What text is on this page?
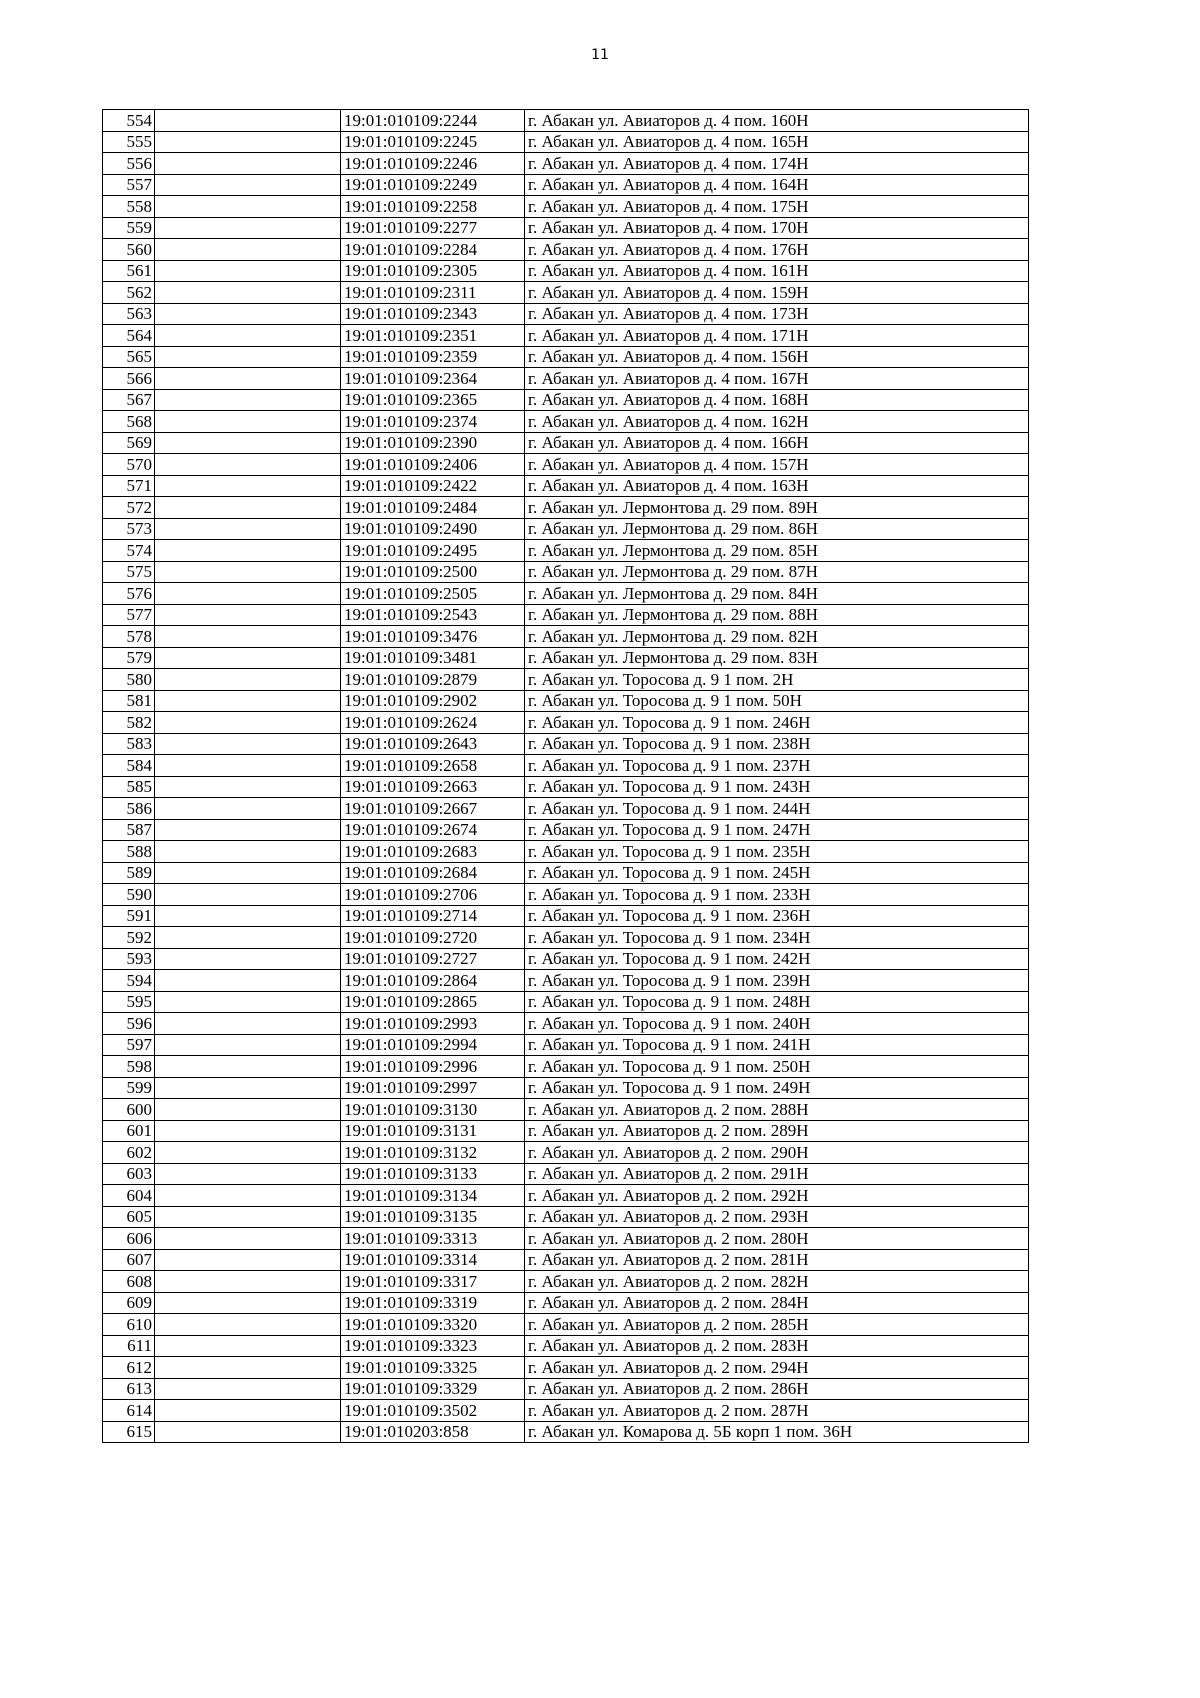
11
554		19:01:010109:2244	г. Абакан ул. Авиаторов д. 4 пом. 160Н
555		19:01:010109:2245	г. Абакан ул. Авиаторов д. 4 пом. 165Н
556		19:01:010109:2246	г. Абакан ул. Авиаторов д. 4 пом. 174Н
557		19:01:010109:2249	г. Абакан ул. Авиаторов д. 4 пом. 164Н
558		19:01:010109:2258	г. Абакан ул. Авиаторов д. 4 пом. 175Н
559		19:01:010109:2277	г. Абакан ул. Авиаторов д. 4 пом. 170Н
560		19:01:010109:2284	г. Абакан ул. Авиаторов д. 4 пом. 176Н
561		19:01:010109:2305	г. Абакан ул. Авиаторов д. 4 пом. 161Н
562		19:01:010109:2311	г. Абакан ул. Авиаторов д. 4 пом. 159Н
563		19:01:010109:2343	г. Абакан ул. Авиаторов д. 4 пом. 173Н
564		19:01:010109:2351	г. Абакан ул. Авиаторов д. 4 пом. 171Н
565		19:01:010109:2359	г. Абакан ул. Авиаторов д. 4 пом. 156Н
566		19:01:010109:2364	г. Абакан ул. Авиаторов д. 4 пом. 167Н
567		19:01:010109:2365	г. Абакан ул. Авиаторов д. 4 пом. 168Н
568		19:01:010109:2374	г. Абакан ул. Авиаторов д. 4 пом. 162Н
569		19:01:010109:2390	г. Абакан ул. Авиаторов д. 4 пом. 166Н
570		19:01:010109:2406	г. Абакан ул. Авиаторов д. 4 пом. 157Н
571		19:01:010109:2422	г. Абакан ул. Авиаторов д. 4 пом. 163Н
572		19:01:010109:2484	г. Абакан ул. Лермонтова д. 29 пом. 89Н
573		19:01:010109:2490	г. Абакан ул. Лермонтова д. 29 пом. 86Н
574		19:01:010109:2495	г. Абакан ул. Лермонтова д. 29 пом. 85Н
575		19:01:010109:2500	г. Абакан ул. Лермонтова д. 29 пом. 87Н
576		19:01:010109:2505	г. Абакан ул. Лермонтова д. 29 пом. 84Н
577		19:01:010109:2543	г. Абакан ул. Лермонтова д. 29 пом. 88Н
578		19:01:010109:3476	г. Абакан ул. Лермонтова д. 29 пом. 82Н
579		19:01:010109:3481	г. Абакан ул. Лермонтова д. 29 пом. 83Н
580		19:01:010109:2879	г. Абакан ул. Торосова д. 9 1 пом. 2Н
581		19:01:010109:2902	г. Абакан ул. Торосова д. 9 1 пом. 50Н
582		19:01:010109:2624	г. Абакан ул. Торосова д. 9 1 пом. 246Н
583		19:01:010109:2643	г. Абакан ул. Торосова д. 9 1 пом. 238Н
584		19:01:010109:2658	г. Абакан ул. Торосова д. 9 1 пом. 237Н
585		19:01:010109:2663	г. Абакан ул. Торосова д. 9 1 пом. 243Н
586		19:01:010109:2667	г. Абакан ул. Торосова д. 9 1 пом. 244Н
587		19:01:010109:2674	г. Абакан ул. Торосова д. 9 1 пом. 247Н
588		19:01:010109:2683	г. Абакан ул. Торосова д. 9 1 пом. 235Н
589		19:01:010109:2684	г. Абакан ул. Торосова д. 9 1 пом. 245Н
590		19:01:010109:2706	г. Абакан ул. Торосова д. 9 1 пом. 233Н
591		19:01:010109:2714	г. Абакан ул. Торосова д. 9 1 пом. 236Н
592		19:01:010109:2720	г. Абакан ул. Торосова д. 9 1 пом. 234Н
593		19:01:010109:2727	г. Абакан ул. Торосова д. 9 1 пом. 242Н
594		19:01:010109:2864	г. Абакан ул. Торосова д. 9 1 пом. 239Н
595		19:01:010109:2865	г. Абакан ул. Торосова д. 9 1 пом. 248Н
596		19:01:010109:2993	г. Абакан ул. Торосова д. 9 1 пом. 240Н
597		19:01:010109:2994	г. Абакан ул. Торосова д. 9 1 пом. 241Н
598		19:01:010109:2996	г. Абакан ул. Торосова д. 9 1 пом. 250Н
599		19:01:010109:2997	г. Абакан ул. Торосова д. 9 1 пом. 249Н
600		19:01:010109:3130	г. Абакан ул. Авиаторов д. 2 пом. 288Н
601		19:01:010109:3131	г. Абакан ул. Авиаторов д. 2 пом. 289Н
602		19:01:010109:3132	г. Абакан ул. Авиаторов д. 2 пом. 290Н
603		19:01:010109:3133	г. Абакан ул. Авиаторов д. 2 пом. 291Н
604		19:01:010109:3134	г. Абакан ул. Авиаторов д. 2 пом. 292Н
605		19:01:010109:3135	г. Абакан ул. Авиаторов д. 2 пом. 293Н
606		19:01:010109:3313	г. Абакан ул. Авиаторов д. 2 пом. 280Н
607		19:01:010109:3314	г. Абакан ул. Авиаторов д. 2 пом. 281Н
608		19:01:010109:3317	г. Абакан ул. Авиаторов д. 2 пом. 282Н
609		19:01:010109:3319	г. Абакан ул. Авиаторов д. 2 пом. 284Н
610		19:01:010109:3320	г. Абакан ул. Авиаторов д. 2 пом. 285Н
611		19:01:010109:3323	г. Абакан ул. Авиаторов д. 2 пом. 283Н
612		19:01:010109:3325	г. Абакан ул. Авиаторов д. 2 пом. 294Н
613		19:01:010109:3329	г. Абакан ул. Авиаторов д. 2 пом. 286Н
614		19:01:010109:3502	г. Абакан ул. Авиаторов д. 2 пом. 287Н
615		19:01:010203:858	г. Абакан ул. Комарова д. 5Б корп 1 пом. 36Н
